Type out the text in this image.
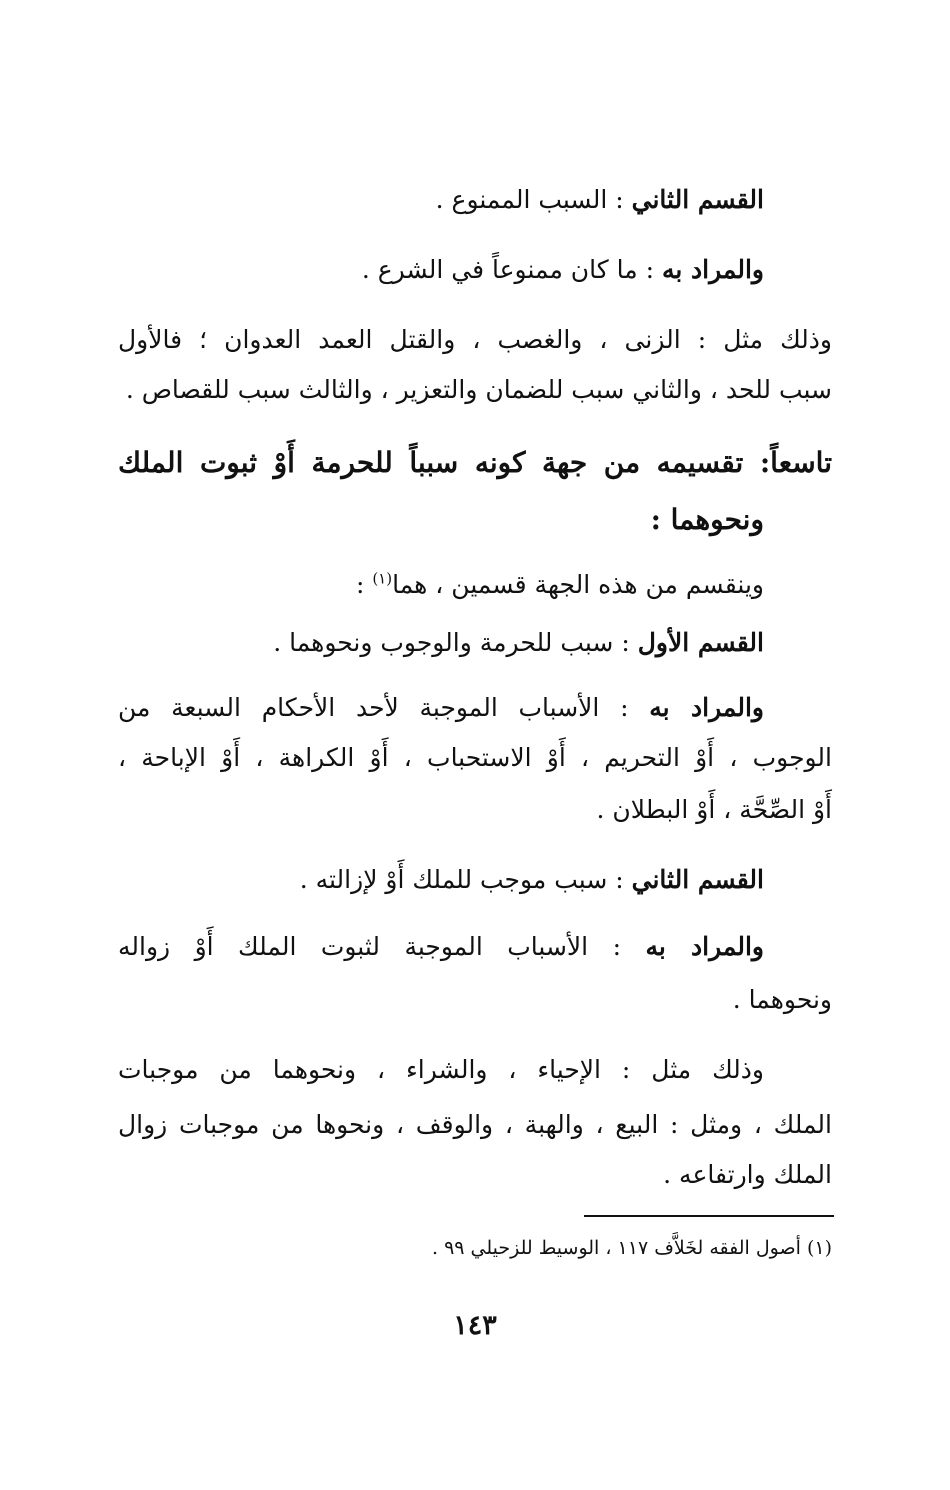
القسم الثاني : السبب الممنوع .
والمراد به : ما كان ممنوعاً في الشرع .
وذلك مثل : الزنى ، والغصب ، والقتل العمد العدوان ؛ فالأول
سبب للحد ، والثاني سبب للضمان والتعزير ، والثالث سبب للقصاص .
تاسعاً: تقسيمه من جهة كونه سبباً للحرمة أَوْ ثبوت الملك
ونحوهما :
وينقسم من هذه الجهة قسمين ، هما$^{(١)}$ :
القسم الأول : سبب للحرمة والوجوب ونحوهما .
والمراد به : الأسباب الموجبة لأحد الأحكام السبعة من
الوجوب ، أَوْ التحريم ، أَوْ الاستحباب ، أَوْ الكراهة ، أَوْ الإباحة ،
أَوْ الصِّحَّة ، أَوْ البطلان .
القسم الثاني : سبب موجب للملك أَوْ لإزالته .
والمراد به : الأسباب الموجبة لثبوت الملك أَوْ زواله
ونحوهما .
وذلك مثل : الإحياء ، والشراء ، ونحوهما من موجبات
الملك ، ومثل : البيع ، والهبة ، والوقف ، ونحوها من موجبات زوال
الملك وارتفاعه .
(١) أصول الفقه لخَلاَّف ١١٧ ، الوسيط للزحيلي ٩٩ .
١٤٣
